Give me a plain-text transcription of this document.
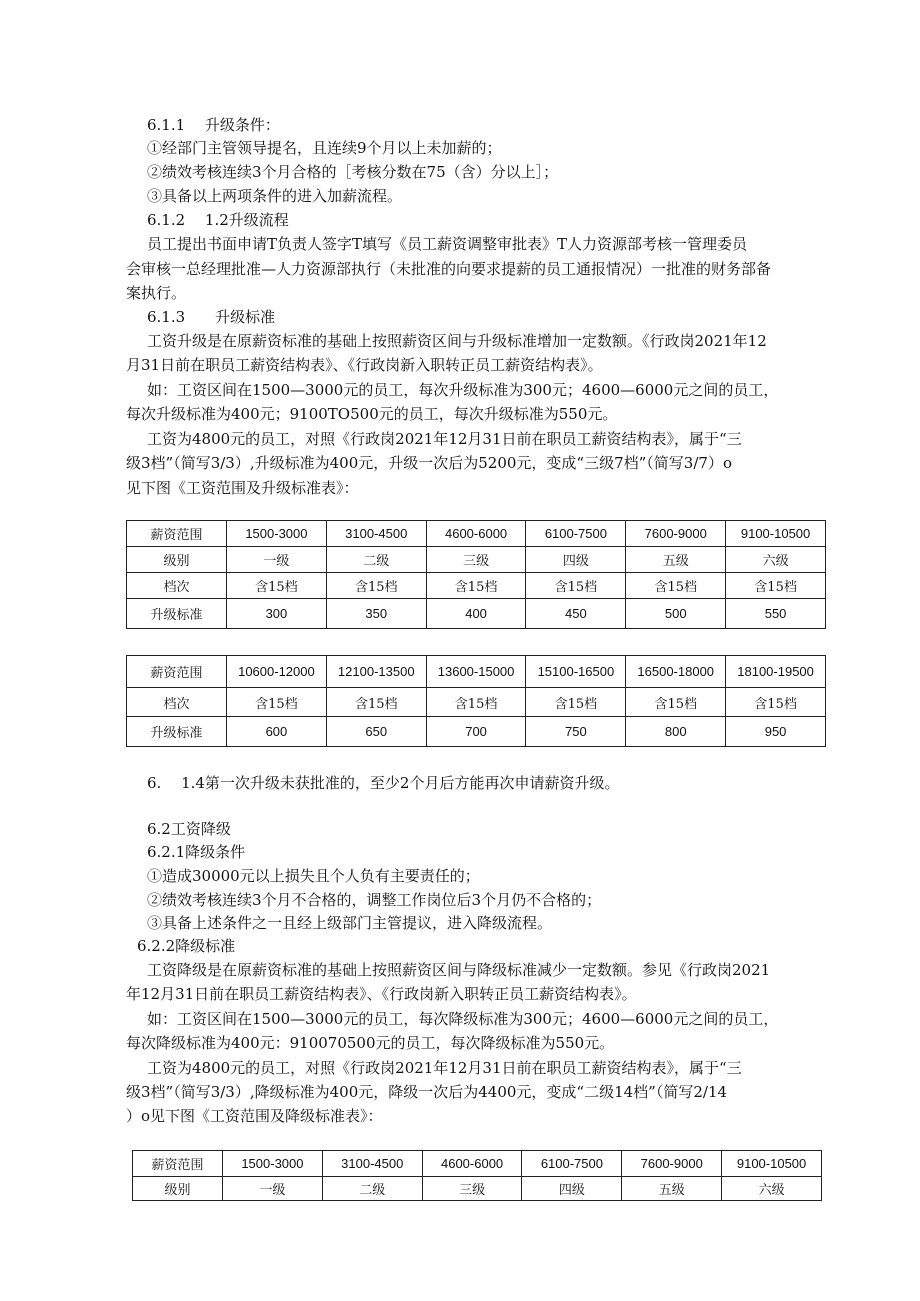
6.1.1　 升级条件：
①经部门主管领导提名，且连续9个月以上未加薪的；
②绩效考核连续3个月合格的［考核分数在75（含）分以上］；
③具备以上两项条件的进入加薪流程。
6.1.2　 1.2升级流程
员工提出书面申请T负责人签字T填写《员工薪资调整审批表》T人力资源部考核一管理委员
会审核一总经理批准—人力资源部执行（未批准的向要求提薪的员工通报情况）一批准的财务部备
案执行。
6.1.3　　升级标准
工资升级是在原薪资标准的基础上按照薪资区间与升级标准增加一定数额。《行政岗2021年12
月31日前在职员工薪资结构表》、《行政岗新入职转正员工薪资结构表》。
如：工资区间在1500—3000元的员工，每次升级标准为300元；4600—6000元之间的员工，
每次升级标准为400元；9100TO500元的员工，每次升级标准为550元。
工资为4800元的员工，对照《行政岗2021年12月31日前在职员工薪资结构表》，属于“三
级3档”（简写3/3）,升级标准为400元，升级一次后为5200元，变成“三级7档”（简写3/7）o
见下图《工资范围及升级标准表》：
薪资范围	1500-3000	3100-4500	4600-6000	6100-7500	7600-9000	9100-10500
级别	一级	二级	三级	四级	五级	六级
档次	含15档	含15档	含15档	含15档	含15档	含15档
升级标准	300	350	400	450	500	550
薪资范围	10600-12000	12100-13500	13600-15000	15100-16500	16500-18000	18100-19500
档次	含15档	含15档	含15档	含15档	含15档	含15档
升级标准	600	650	700	750	800	950
6.　 1.4第一次升级未获批准的，至少2个月后方能再次申请薪资升级。
6.2工资降级
6.2.1降级条件
①造成30000元以上损失且个人负有主要责任的；
②绩效考核连续3个月不合格的，调整工作岗位后3个月仍不合格的；
③具备上述条件之一且经上级部门主管提议，进入降级流程。
6.2.2降级标准
工资降级是在原薪资标准的基础上按照薪资区间与降级标准减少一定数额。参见《行政岗2021
年12月31日前在职员工薪资结构表》、《行政岗新入职转正员工薪资结构表》。
如：工资区间在1500—3000元的员工，每次降级标准为300元；4600—6000元之间的员工，
每次降级标准为400元：910070500元的员工，每次降级标准为550元。
工资为4800元的员工，对照《行政岗2021年12月31日前在职员工薪资结构表》，属于“三
级3档”（简写3/3）,降级标准为400元，降级一次后为4400元，变成“二级14档”（简写2/14
）o见下图《工资范围及降级标准表》：
薪资范围	1500-3000	3100-4500	4600-6000	6100-7500	7600-9000	9100-10500
级别	一级	二级	三级	四级	五级	六级
